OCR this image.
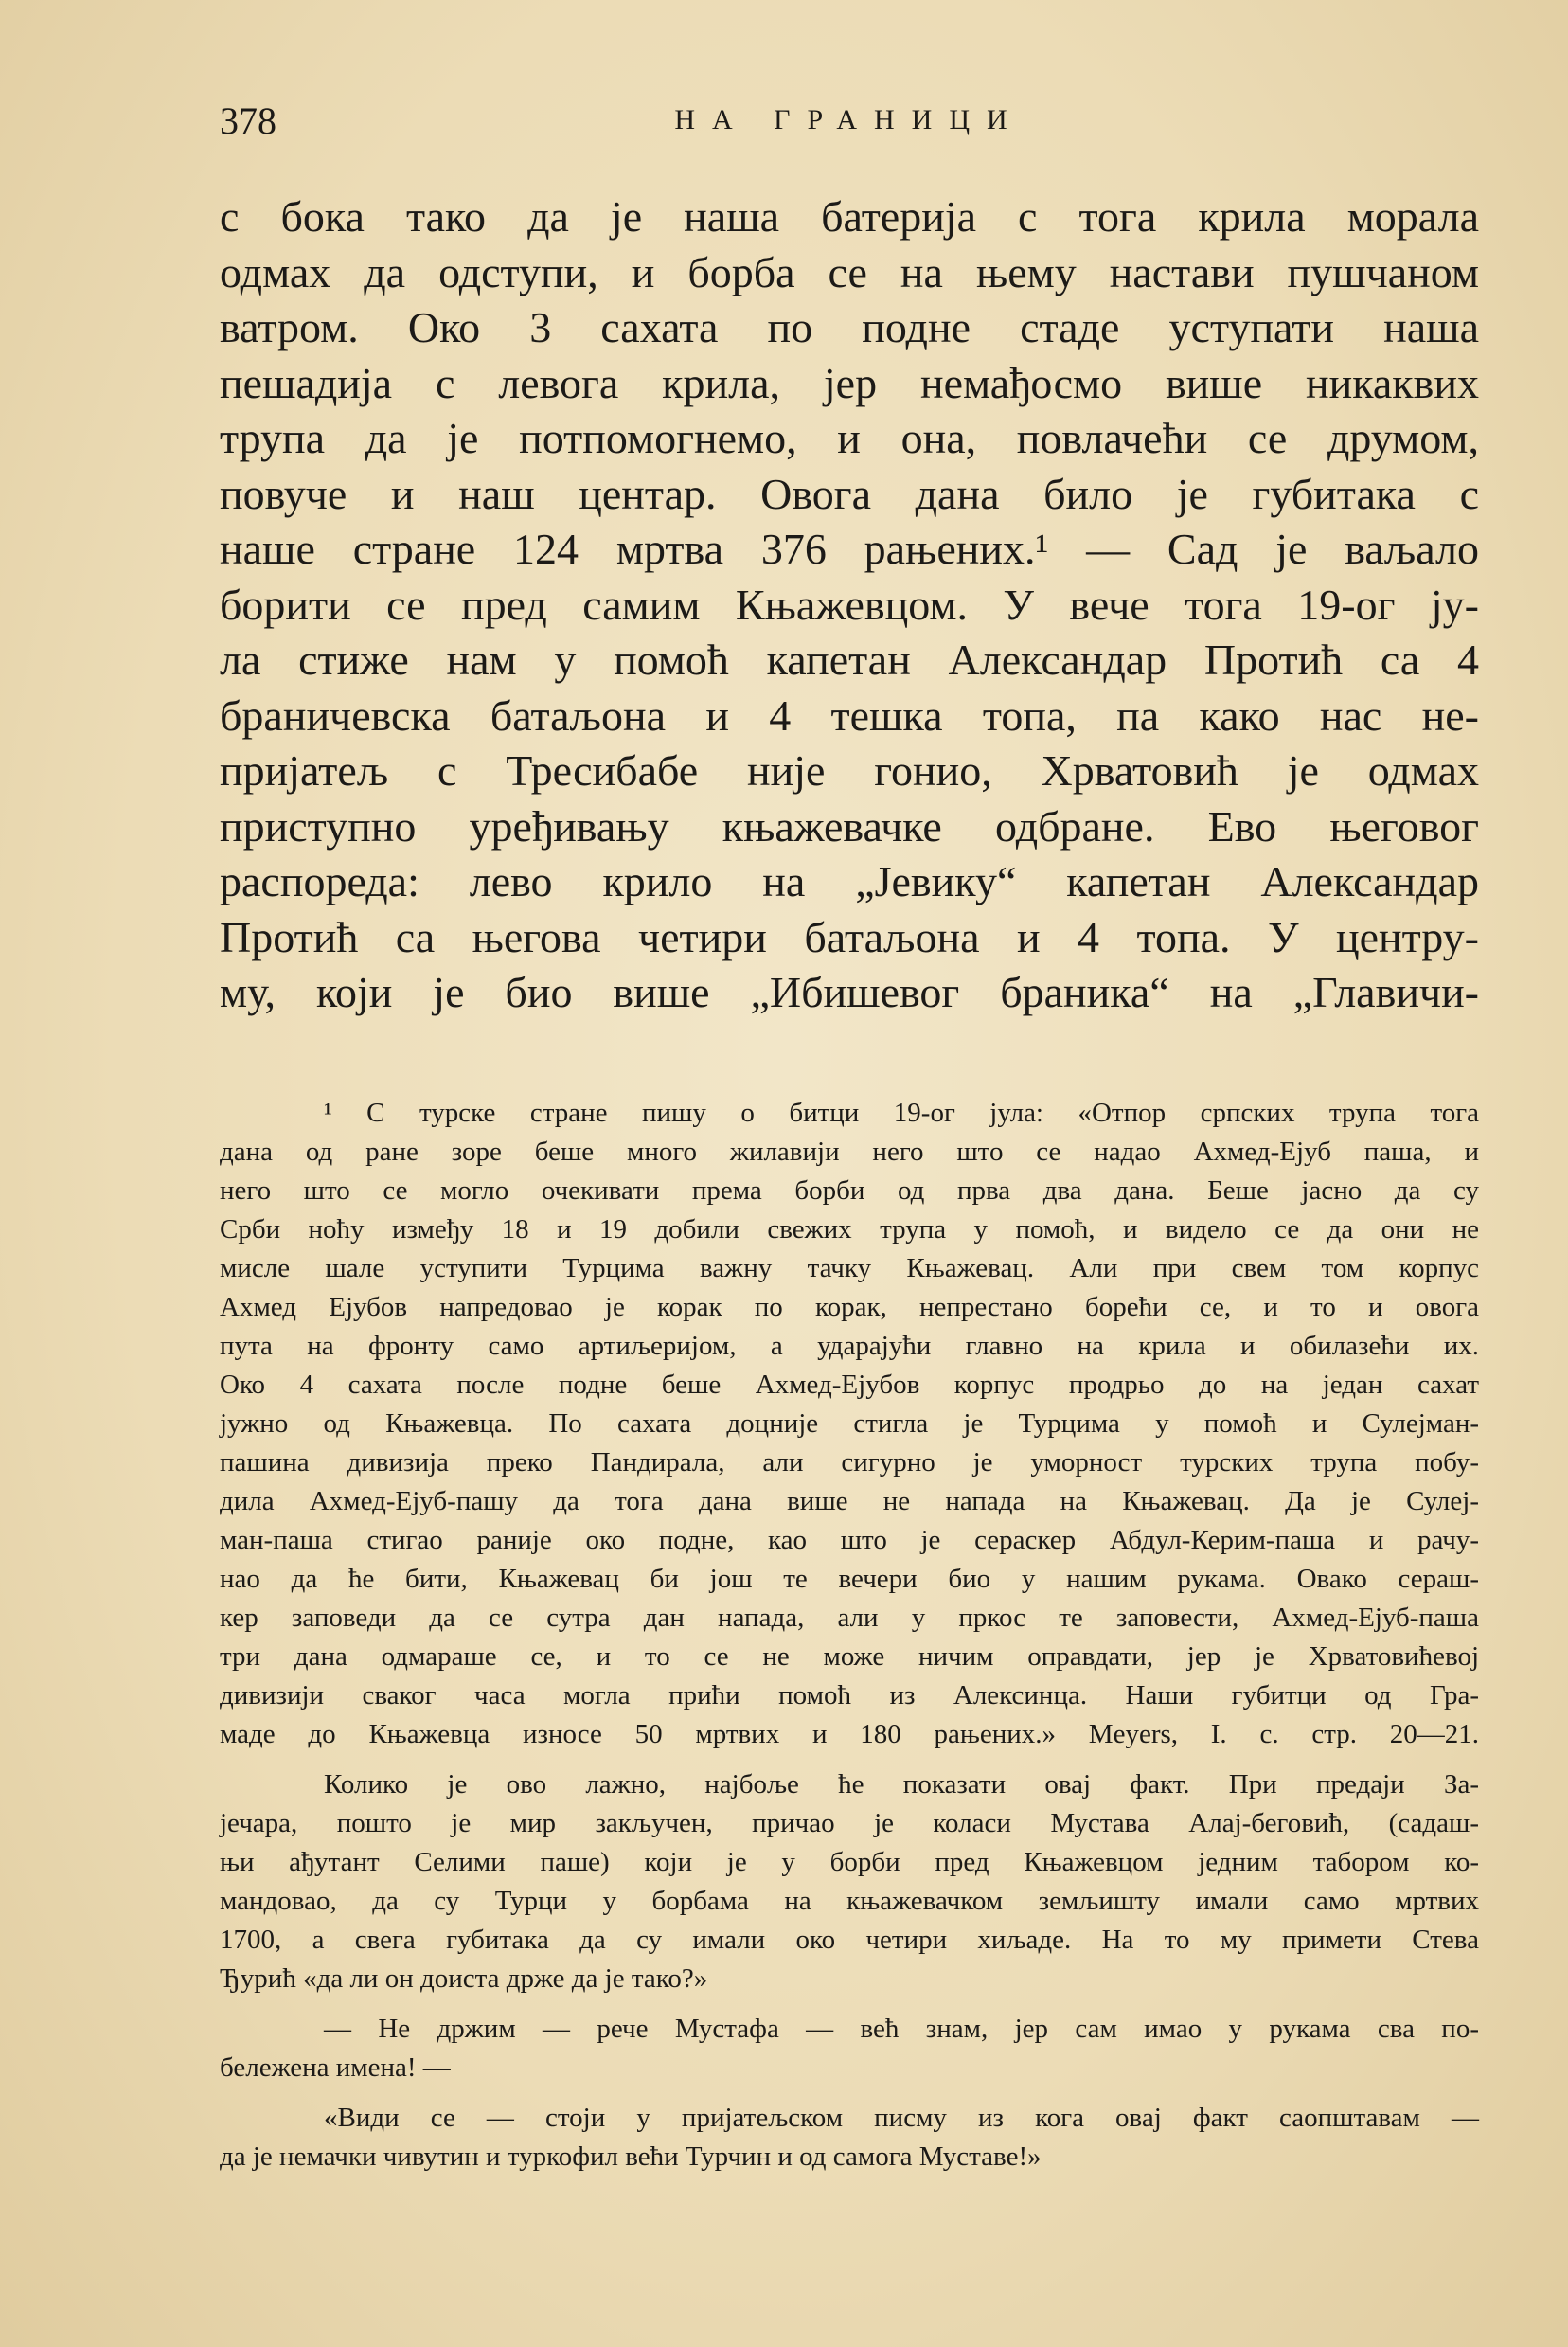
378	НА ГРАНИЦИ
с бока тако да је наша батерија с тога крила морала
одмах да одступи, и борба се на њему настави пушчаном
ватром. Око 3 сахата по подне стаде уступати наша
пешадија с левога крила, јер немађосмо више никаквих
трупа да је потпомогнемо, и она, повлачећи се друмом,
повуче и наш центар. Овога дана било је губитака с
наше стране 124 мртва 376 рањених.¹ — Сад је ваљало
борити се пред самим Књажевцом. У вече тога 19-ог ју-
ла стиже нам у помоћ капетан Александар Протић са 4
браничевска батаљона и 4 тешка топа, па како нас не-
пријатељ с Тресибабе није гонио, Хрватовић је одмах
приступно уређивању књажевачке одбране. Ево његовог
распореда: лево крило на „Јевику“ капетан Александар
Протић са његова четири батаљона и 4 топа. У центру-
му, који је био више „Ибишевог браника“ на „Главичи-
¹ С турске стране пишу о битци 19-ог јула: «Отпор српских трупа тога
дана од ране зоре беше много жилавији него што се надао Ахмед-Ејуб паша, и
него што се могло очекивати према борби од прва два дана. Беше јасно да су
Срби ноћу између 18 и 19 добили свежих трупа у помоћ, и видело се да они не
мисле шале уступити Турцима важну тачку Књажевац. Али при свем том корпус
Ахмед Ејубов напредовао је корак по корак, непрестано борећи се, и то и овога
пута на фронту само артиљеријом, а ударајући главно на крила и обилазећи их.
Око 4 сахата после подне беше Ахмед-Ејубов корпус продрьо до на један сахат
јужно од Књажевца. По сахата доцније стигла је Турцима у помоћ и Сулејман-
пашина дивизија преко Пандирала, али сигурно је уморност турских трупа побу-
дила Ахмед-Ејуб-пашу да тога дана више не напада на Књажевац. Да је Сулеј-
ман-паша стигао раније око подне, као што је сераскер Абдул-Керим-паша и рачу-
нао да ће бити, Књажевац би још те вечери био у нашим рукама. Овако сераш-
кер заповеди да се сутра дан напада, али у пркос те заповести, Ахмед-Ејуб-паша
три дана одмараше се, и то се не може ничим оправдати, јер је Хрватовићевој
дивизији сваког часа могла прићи помоћ из Алексинца. Наши губитци од Гра-
маде до Књажевца износе 50 мртвих и 180 рањених.» Meyers, I. c. стр. 20—21.
Колико је ово лажно, најбоље ће показати овај факт. При предаји За-
јечара, пошто је мир закључен, причао је коласи Мустава Алај-беговић, (садаш-
њи ађутант Селими паше) који је у борби пред Књажевцом једним табором ко-
мандовао, да су Турци у борбама на књажевачком земљишту имали само мртвих
1700, а свега губитака да су имали око четири хиљаде. На то му примети Стева
Ђурић «да ли он доиста држе да је тако?»
— Не држим — рече Мустафа — већ знам, јер сам имао у рукама сва по-
бележена имена! —
«Види се — стоји у пријатељском писму из кога овај факт саопштавам —
да је немачки чивутин и туркофил већи Турчин и од самога Муставе!»
